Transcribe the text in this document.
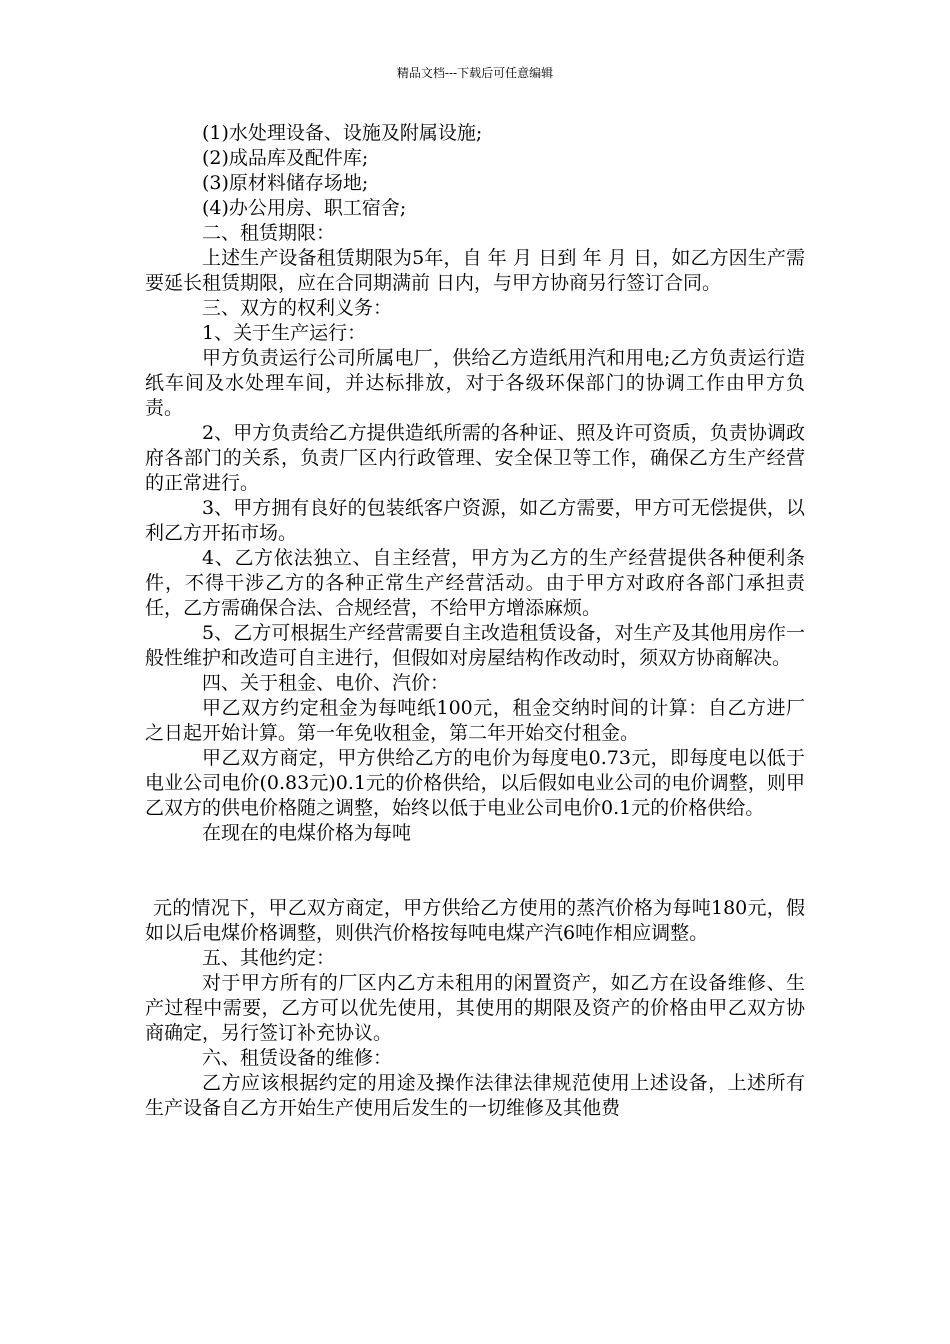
精品文档---下载后可任意编辑

(1)水处理设备、设施及附属设施;

(2)成品库及配件库;

(3)原材料储存场地;

(4)办公用房、职工宿舍;

二、租赁期限：

上述生产设备租赁期限为5年，自 年 月 日到 年 月 日，如乙方因生产需要延长租赁期限，应在合同期满前 日内，与甲方协商另行签订合同。

三、双方的权利义务：

1、关于生产运行：

甲方负责运行公司所属电厂，供给乙方造纸用汽和用电;乙方负责运行造纸车间及水处理车间，并达标排放，对于各级环保部门的协调工作由甲方负责。

2、甲方负责给乙方提供造纸所需的各种证、照及许可资质，负责协调政府各部门的关系，负责厂区内行政管理、安全保卫等工作，确保乙方生产经营的正常进行。

3、甲方拥有良好的包装纸客户资源，如乙方需要，甲方可无偿提供，以利乙方开拓市场。

4、乙方依法独立、自主经营，甲方为乙方的生产经营提供各种便利条件，不得干涉乙方的各种正常生产经营活动。由于甲方对政府各部门承担责任，乙方需确保合法、合规经营，不给甲方增添麻烦。

5、乙方可根据生产经营需要自主改造租赁设备，对生产及其他用房作一般性维护和改造可自主进行，但假如对房屋结构作改动时，须双方协商解决。

四、关于租金、电价、汽价：

甲乙双方约定租金为每吨纸100元，租金交纳时间的计算：自乙方进厂之日起开始计算。第一年免收租金，第二年开始交付租金。

甲乙双方商定，甲方供给乙方的电价为每度电0.73元，即每度电以低于电业公司电价(0.83元)0.1元的价格供给，以后假如电业公司的电价调整，则甲乙双方的供电价格随之调整，始终以低于电业公司电价0.1元的价格供给。

在现在的电煤价格为每吨

元的情况下，甲乙双方商定，甲方供给乙方使用的蒸汽价格为每吨180元，假如以后电煤价格调整，则供汽价格按每吨电煤产汽6吨作相应调整。

五、其他约定：

对于甲方所有的厂区内乙方未租用的闲置资产，如乙方在设备维修、生产过程中需要，乙方可以优先使用，其使用的期限及资产的价格由甲乙双方协商确定，另行签订补充协议。

六、租赁设备的维修：

乙方应该根据约定的用途及操作法律法律规范使用上述设备，上述所有生产设备自乙方开始生产使用后发生的一切维修及其他费
